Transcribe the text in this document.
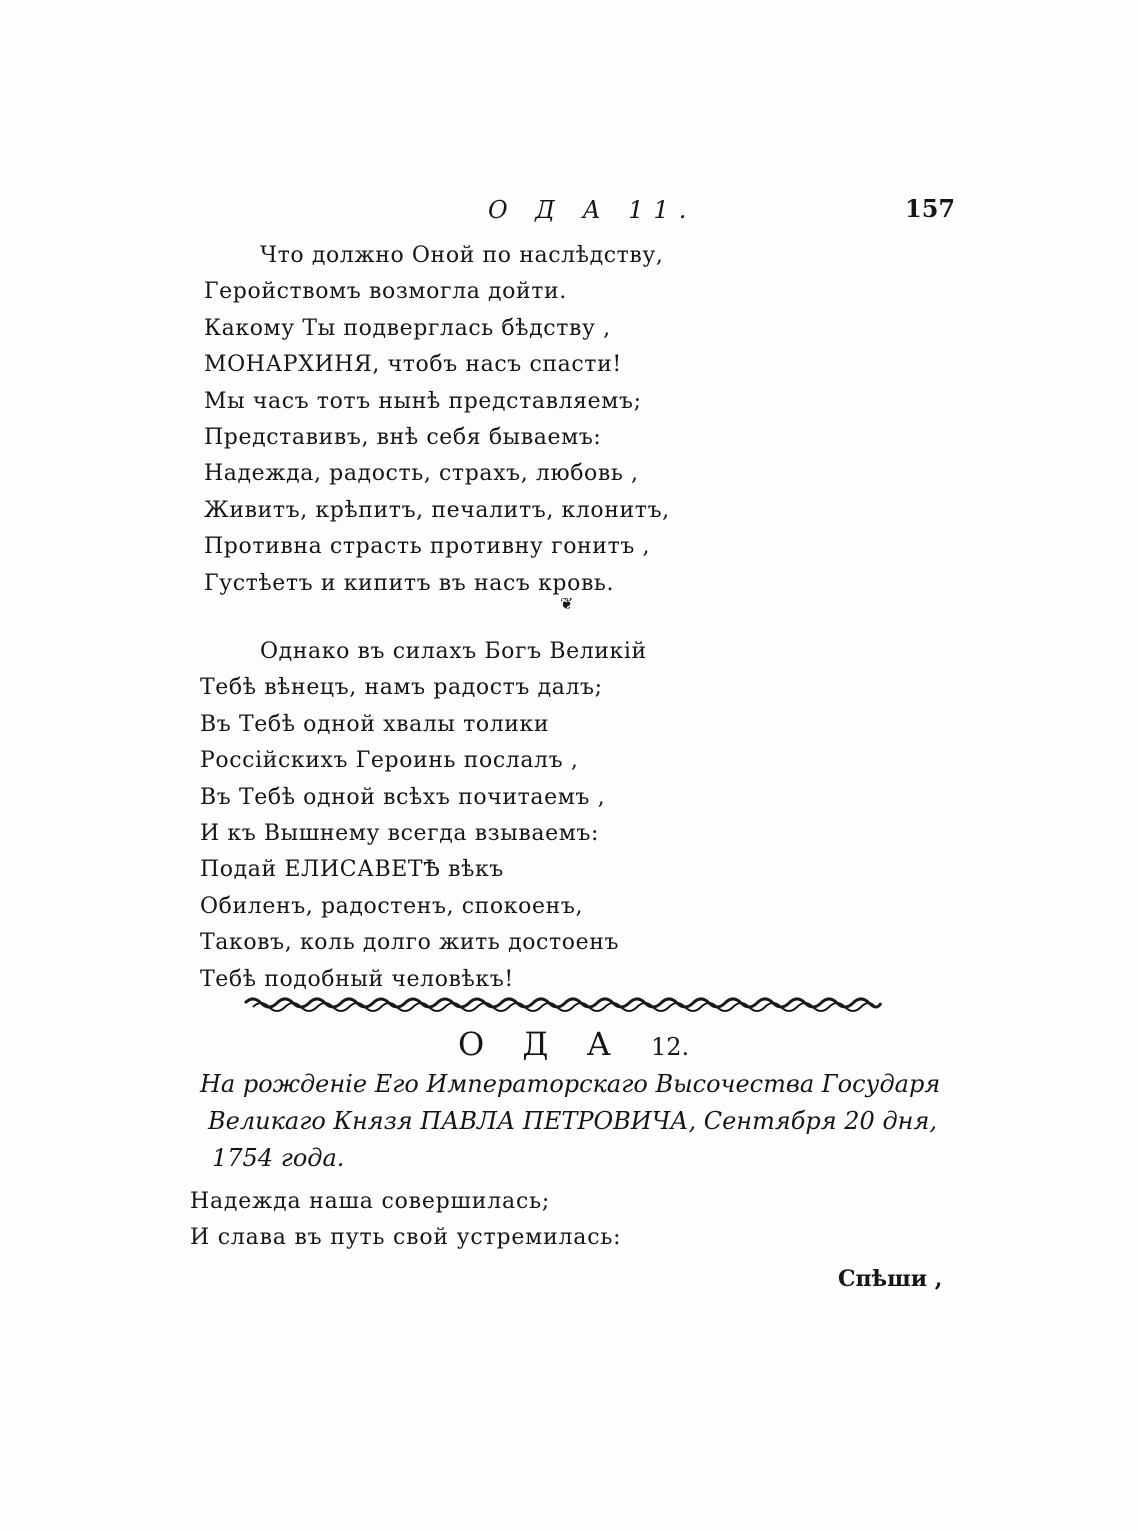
О Д А 11.	157
Что должно Оной по наслѣдству,
Геройствомъ возмогла дойти.
Какому Ты подверглась бѣдству ,
МОНАРХИНЯ, чтобъ насъ спасти!
Мы часъ тотъ нынѣ представляемъ;
Представивъ, внѣ себя бываемъ:
Надежда, радость, страхъ, любовь ,
Живитъ, крѣпитъ, печалитъ, клонитъ,
Противна страсть противну гонитъ ,
Густѣетъ и кипитъ въ насъ кровь.
❦
Однако въ силахъ Богъ Великій
Тебѣ вѣнецъ, намъ радостъ далъ;
Въ Тебѣ одной хвалы толики
Россійскихъ Героинь послалъ ,
Въ Тебѣ одной всѣхъ почитаемъ ,
И къ Вышнему всегда взываемъ:
Подай ЕЛИСАВЕТѢ вѣкъ
Обиленъ, радостенъ, спокоенъ,
Таковъ, коль долго жить достоенъ
Тебѣ подобный человѣкъ!
О Д А 12.
На рожденіе Его Императорскаго Высочества Государя
Великаго Князя ПАВЛА ПЕТРОВИЧА, Сентября 20 дня,
1754 года.
Надежда наша совершилась;
И слава въ путь свой устремилась:
Спѣши ,
